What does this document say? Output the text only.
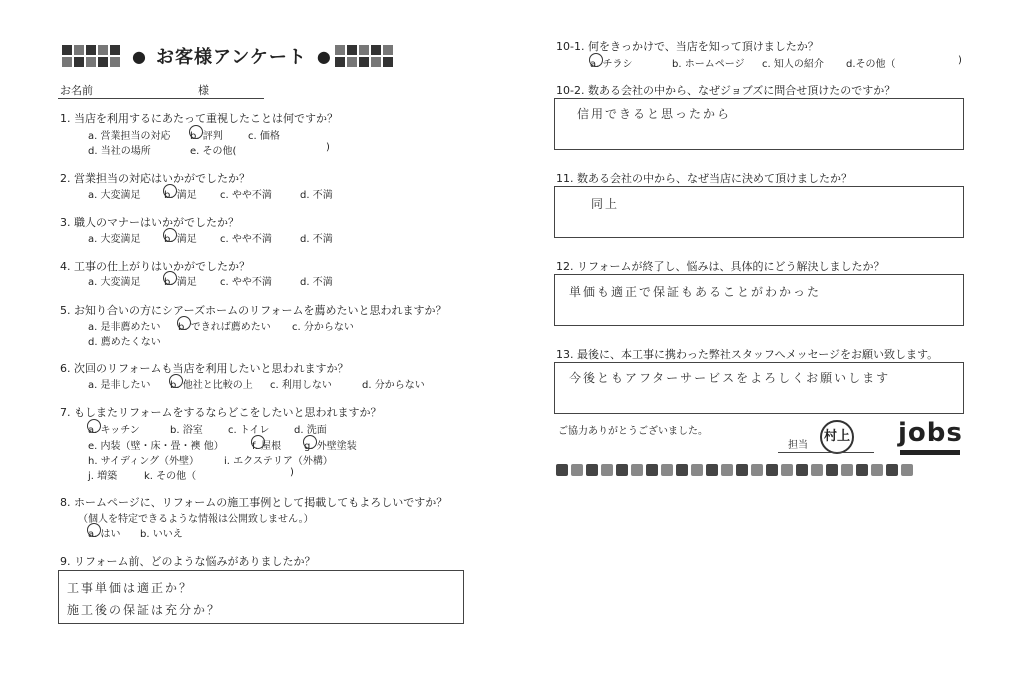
● お客様アンケート ●
お名前	様
1. 当店を利用するにあたって重視したことは何ですか？
a. 営業担当の対応 b. 評判	c. 価格
d. 当社の場所	e. その他(	)
2. 営業担当の対応はいかがでしたか？
a. 大変満足 b. 満足 c. やや不満	d. 不満
3. 職人のマナーはいかがでしたか？
a. 大変満足 b. 満足 c. やや不満	d. 不満
4. 工事の仕上がりはいかがでしたか？
a. 大変満足 b. 満足 c. やや不満	d. 不満
5. お知り合いの方にシアーズホームのリフォームを薦めたいと思われますか？
a. 是非薦めたい b. できれば薦めたい c. 分からない
d. 薦めたくない
6. 次回のリフォームも当店を利用したいと思われますか？
a. 是非したい b. 他社と比較の上 c. 利用しない	d. 分からない
7. もしまたリフォームをするならどこをしたいと思われますか？
a. キッチン	b. 浴室	c. トイレ d. 洗面
e. 内装（壁・床・畳・襖 他）	f. 屋根 g. 外壁塗装
h. サイディング（外壁）	i. エクステリア（外構）
j. 増築	k. その他（	)
8. ホームページに、リフォームの施工事例として掲載してもよろしいですか？
（個人を特定できるような情報は公開致しません。）
a. はい b. いいえ
9. リフォーム前、どのような悩みがありましたか？
工事単価は適正か？
施工後の保証は充分か？
10-1. 何をきっかけで、当店を知って頂けましたか？
a. チラシ	b. ホームページ c. 知人の紹介 d.その他（	)
10-2. 数ある会社の中から、なぜジョブズに問合せ頂けたのですか？
信用できると思ったから
11. 数ある会社の中から、なぜ当店に決めて頂けましたか？
同上
12. リフォームが終了し、悩みは、具体的にどう解決しましたか？
単価も適正で保証もあることがわかった
13. 最後に、本工事に携わった弊社スタッフへメッセージをお願い致します。
今後ともアフターサービスをよろしくお願いします
ご協力ありがとうございました。
担当
村上 jobs
